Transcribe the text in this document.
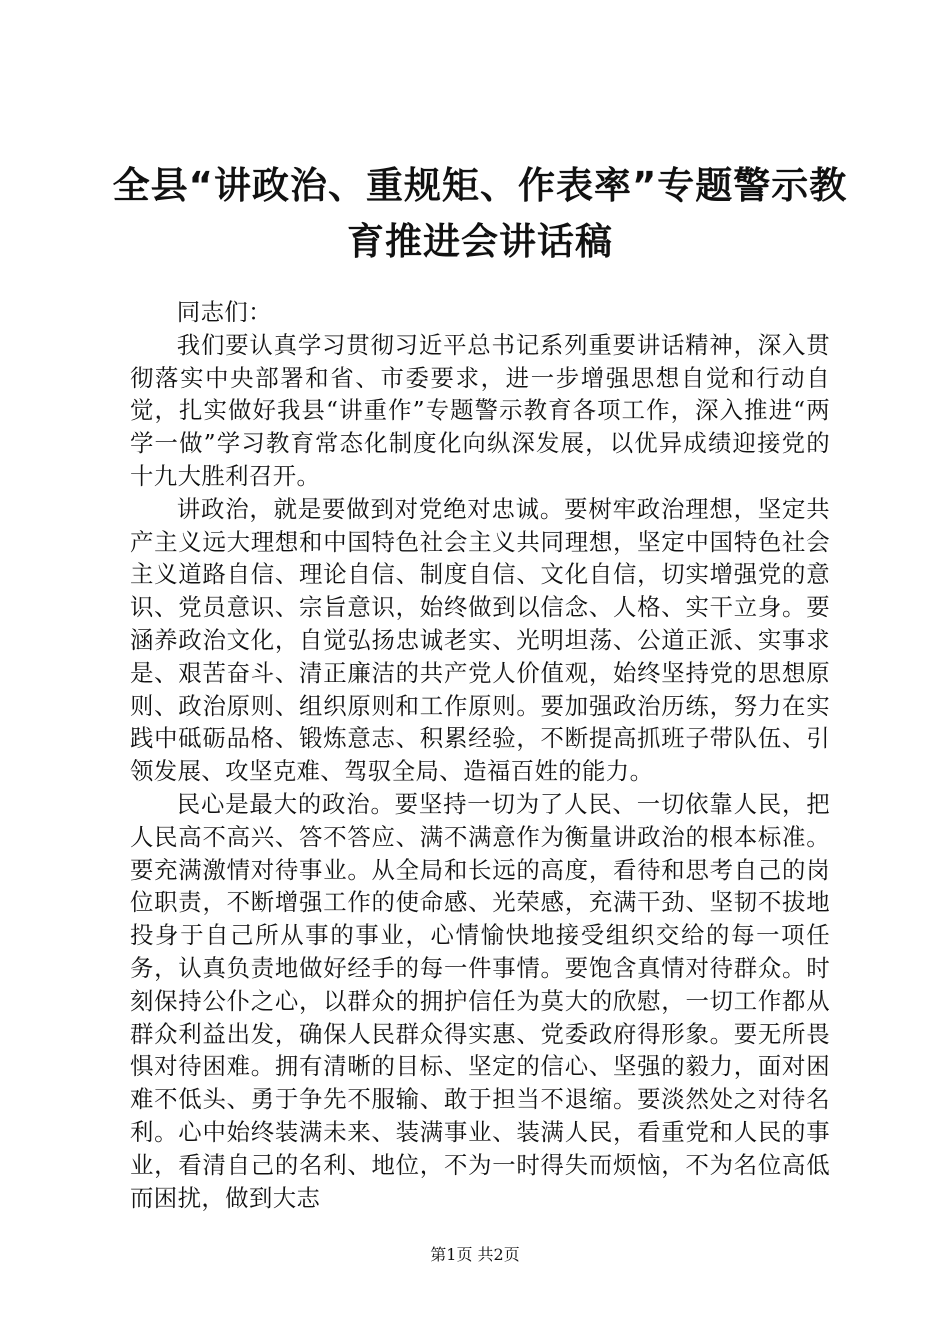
全县“讲政治、重规矩、作表率”专题警示教育推进会讲话稿

同志们：

我们要认真学习贯彻习近平总书记系列重要讲话精神，深入贯彻落实中央部署和省、市委要求，进一步增强思想自觉和行动自觉，扎实做好我县“讲重作”专题警示教育各项工作，深入推进“两学一做”学习教育常态化制度化向纵深发展，以优异成绩迎接党的十九大胜利召开。

讲政治，就是要做到对党绝对忠诚。要树牢政治理想，坚定共产主义远大理想和中国特色社会主义共同理想，坚定中国特色社会主义道路自信、理论自信、制度自信、文化自信，切实增强党的意识、党员意识、宗旨意识，始终做到以信念、人格、实干立身。要涵养政治文化，自觉弘扬忠诚老实、光明坦荡、公道正派、实事求是、艰苦奋斗、清正廉洁的共产党人价值观，始终坚持党的思想原则、政治原则、组织原则和工作原则。要加强政治历练，努力在实践中砥砺品格、锻炼意志、积累经验，不断提高抓班子带队伍、引领发展、攻坚克难、驾驭全局、造福百姓的能力。

民心是最大的政治。要坚持一切为了人民、一切依靠人民，把人民高不高兴、答不答应、满不满意作为衡量讲政治的根本标准。要充满激情对待事业。从全局和长远的高度，看待和思考自己的岗位职责，不断增强工作的使命感、光荣感，充满干劲、坚韧不拔地投身于自己所从事的事业，心情愉快地接受组织交给的每一项任务，认真负责地做好经手的每一件事情。要饱含真情对待群众。时刻保持公仆之心，以群众的拥护信任为莫大的欣慰，一切工作都从群众利益出发，确保人民群众得实惠、党委政府得形象。要无所畏惧对待困难。拥有清晰的目标、坚定的信心、坚强的毅力，面对困难不低头、勇于争先不服输、敢于担当不退缩。要淡然处之对待名利。心中始终装满未来、装满事业、装满人民，看重党和人民的事业，看清自己的名利、地位，不为一时得失而烦恼，不为名位高低而困扰，做到大志

第1页 共2页
